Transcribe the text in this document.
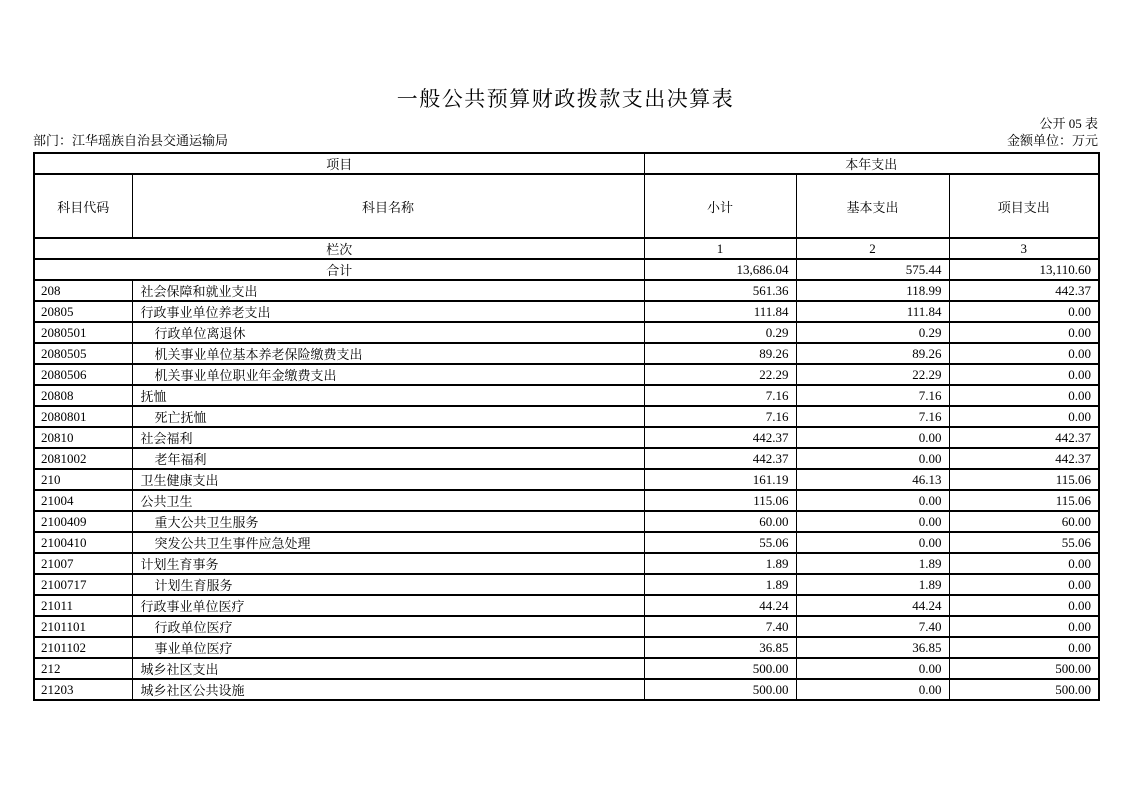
一般公共预算财政拨款支出决算表
公开 05 表
部门：江华瑶族自治县交通运输局	金额单位：万元
项目		本年支出		
科目代码	科目名称	小计	基本支出	项目支出
栏次		1	2	3
合计		13,686.04	575.44	13,110.60
208	社会保障和就业支出	561.36	118.99	442.37
20805	行政事业单位养老支出	111.84	111.84	0.00
2080501	行政单位离退休	0.29	0.29	0.00
2080505	机关事业单位基本养老保险缴费支出	89.26	89.26	0.00
2080506	机关事业单位职业年金缴费支出	22.29	22.29	0.00
20808	抚恤	7.16	7.16	0.00
2080801	死亡抚恤	7.16	7.16	0.00
20810	社会福利	442.37	0.00	442.37
2081002	老年福利	442.37	0.00	442.37
210	卫生健康支出	161.19	46.13	115.06
21004	公共卫生	115.06	0.00	115.06
2100409	重大公共卫生服务	60.00	0.00	60.00
2100410	突发公共卫生事件应急处理	55.06	0.00	55.06
21007	计划生育事务	1.89	1.89	0.00
2100717	计划生育服务	1.89	1.89	0.00
21011	行政事业单位医疗	44.24	44.24	0.00
2101101	行政单位医疗	7.40	7.40	0.00
2101102	事业单位医疗	36.85	36.85	0.00
212	城乡社区支出	500.00	0.00	500.00
21203	城乡社区公共设施	500.00	0.00	500.00
